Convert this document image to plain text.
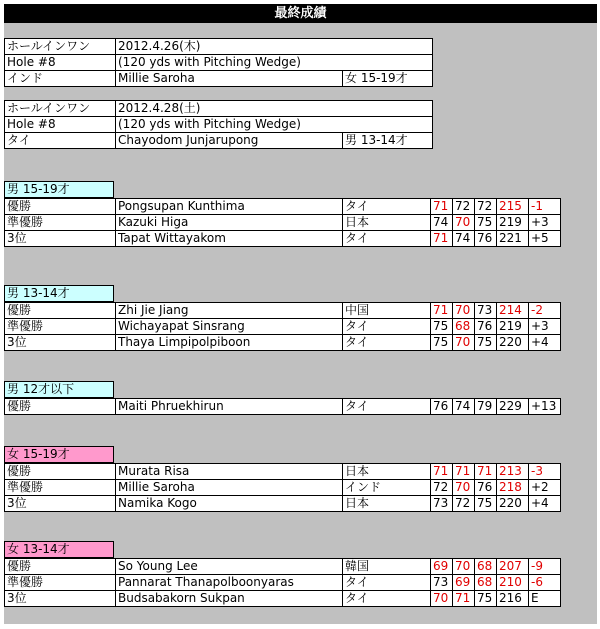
最終成績
ホールインワン	2012.4.26(木)
Hole #8	(120 yds with Pitching Wedge)
インド	Millie Saroha	女 15-19才
ホールインワン	2012.4.28(土)
Hole #8	(120 yds with Pitching Wedge)
タイ	Chayodom Junjarupong	男 13-14才
男 15-19才
優勝	Pongsupan Kunthima	タイ	71 72 72 215 -1
準優勝	Kazuki Higa	日本	74 70 75 219 +3
3位	Tapat Wittayakom	タイ	71 74 76 221 +5
男 13-14才
優勝	Zhi Jie Jiang	中国	71 70 73 214 -2
準優勝	Wichayapat Sinsrang	タイ	75 68 76 219 +3
3位	Thaya Limpipolpiboon	タイ	75 70 75 220 +4
男 12才以下
優勝	Maiti Phruekhirun	タイ	76 74 79 229 +13
女 15-19才
優勝	Murata Risa	日本	71 71 71 213 -3
準優勝	Millie Saroha	インド	72 70 76 218 +2
3位	Namika Kogo	日本	73 72 75 220 +4
女 13-14才
優勝	So Young Lee	韓国	69 70 68 207 -9
準優勝	Pannarat Thanapolboonyaras	タイ	73 69 68 210 -6
3位	Budsabakorn Sukpan	タイ	70 71 75 216 E
